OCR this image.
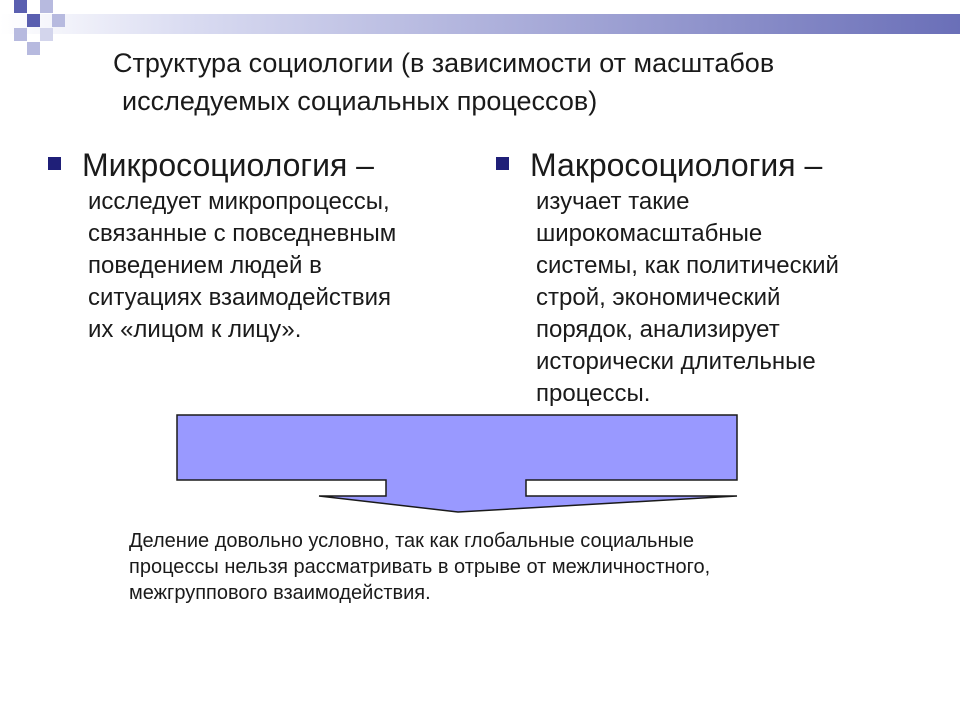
Структура социологии (в зависимости от масштабов
исследуемых социальных процессов)
Микросоциология –
исследует микропроцессы,
связанные с повседневным
поведением людей в
ситуациях взаимодействия
их «лицом к лицу».
Макросоциология –
изучает такие
широкомасштабные
системы, как политический
строй, экономический
порядок, анализирует
исторически длительные
процессы.
Деление довольно условно, так как глобальные социальные
процессы нельзя рассматривать в отрыве от межличностного,
межгруппового взаимодействия.
